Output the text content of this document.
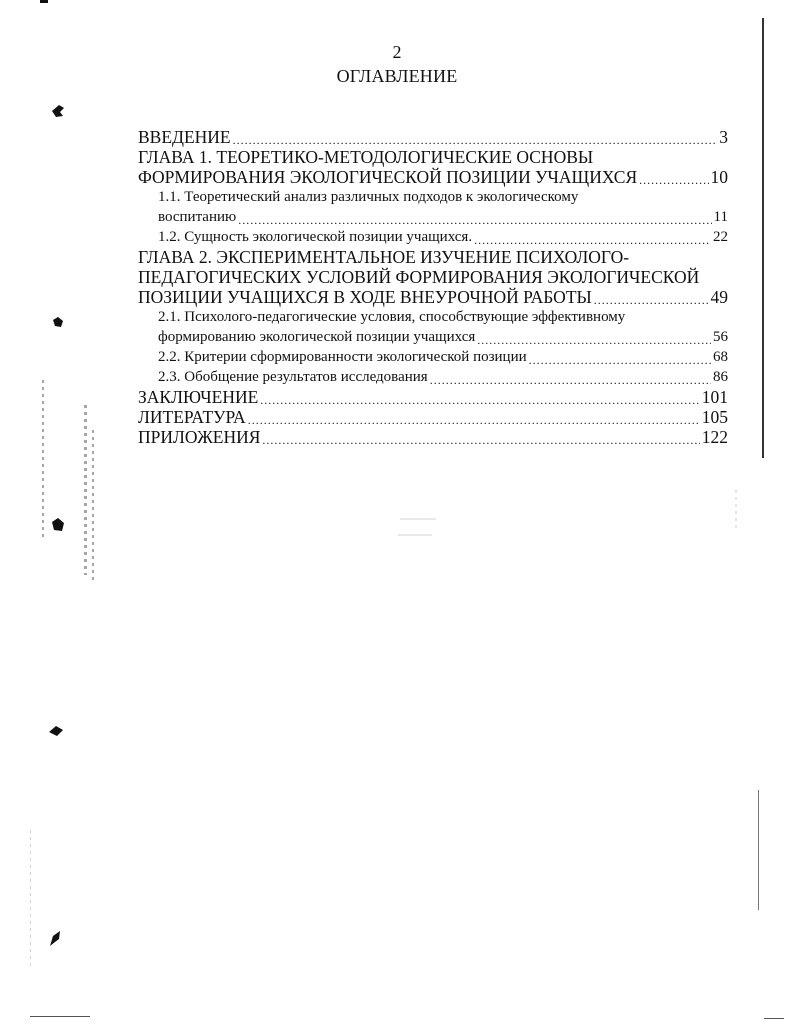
2
ОГЛАВЛЕНИЕ
ВВЕДЕНИЕ .....	3
ГЛАВА 1. ТЕОРЕТИКО-МЕТОДОЛОГИЧЕСКИЕ ОСНОВЫ
ФОРМИРОВАНИЯ ЭКОЛОГИЧЕСКОЙ ПОЗИЦИИ УЧАЩИХСЯ .....	10
1.1. Теоретический анализ различных подходов к экологическому
воспитанию .....	11
1.2. Сущность экологической позиции учащихся. .....	22
ГЛАВА 2. ЭКСПЕРИМЕНТАЛЬНОЕ ИЗУЧЕНИЕ ПСИХОЛОГО-
ПЕДАГОГИЧЕСКИХ УСЛОВИЙ ФОРМИРОВАНИЯ ЭКОЛОГИЧЕСКОЙ
ПОЗИЦИИ УЧАЩИХСЯ В ХОДЕ ВНЕУРОЧНОЙ РАБОТЫ .....	49
2.1. Психолого-педагогические условия, способствующие эффективному
формированию экологической позиции учащихся .....	56
2.2. Критерии сформированности экологической позиции .....	68
2.3. Обобщение результатов исследования .....	86
ЗАКЛЮЧЕНИЕ .....	101
ЛИТЕРАТУРА .....	105
ПРИЛОЖЕНИЯ .....	122
